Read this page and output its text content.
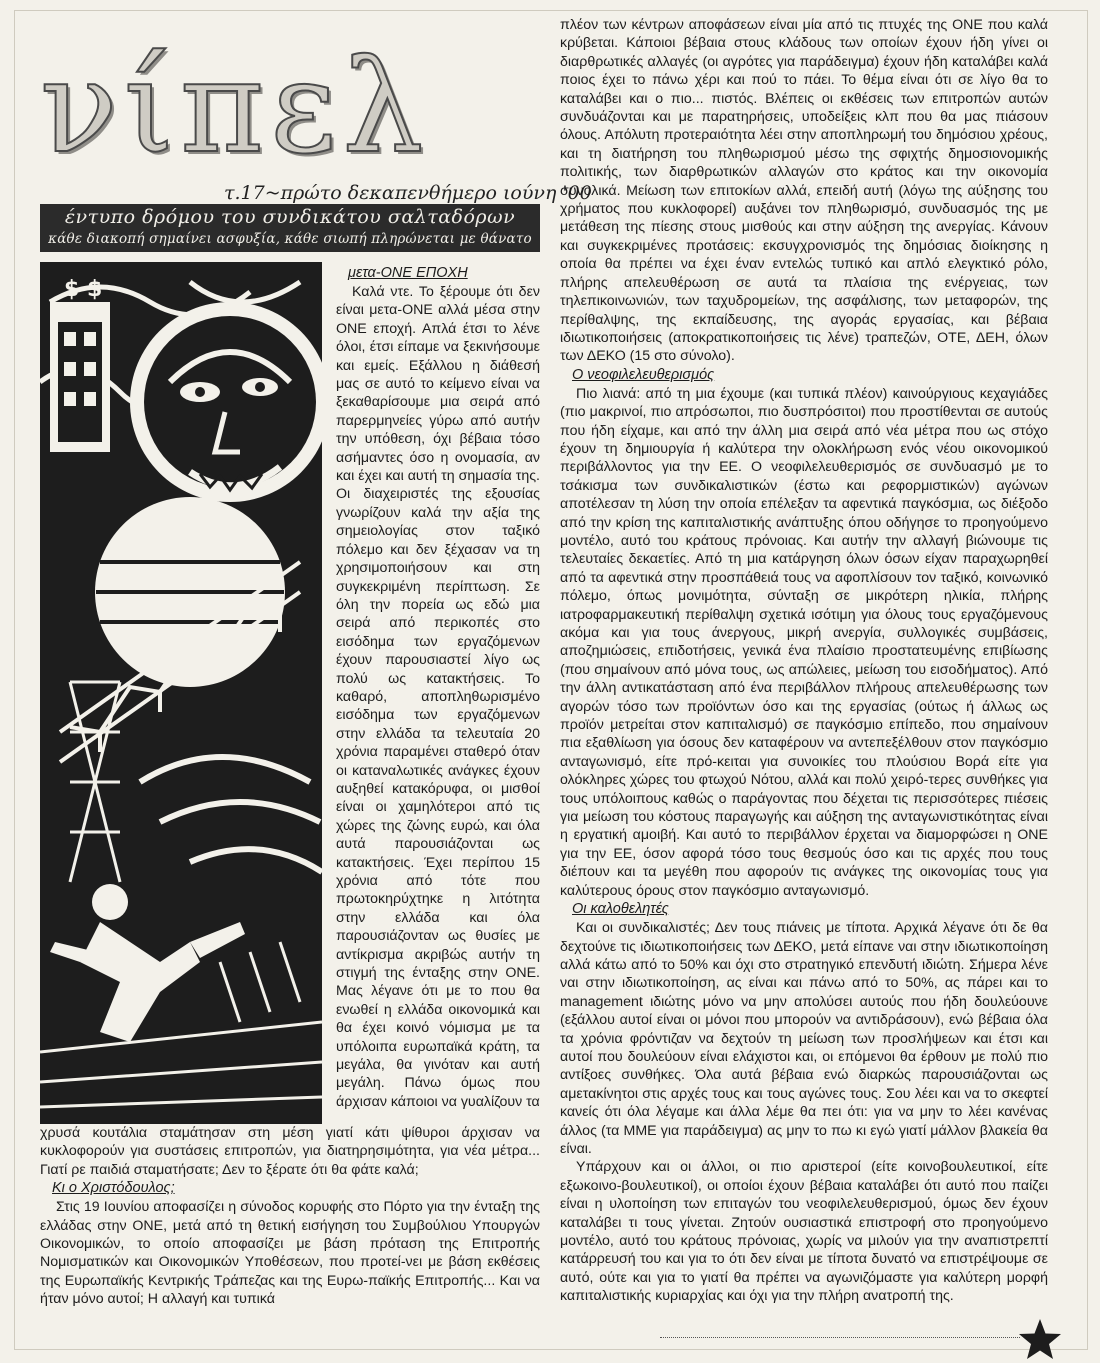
νίπελ
τ.17~πρώτο δεκαπενθήμερο ιούνη '00
έντυπο δρόμου του συνδικάτου σαλταδόρων
κάθε διακοπή σημαίνει ασφυξία, κάθε σιωπή πληρώνεται με θάνατο
$ $
μετα-ONE ΕΠΟΧΗ

Καλά ντε. Το ξέρουμε ότι δεν είναι μετα-ΟΝΕ αλλά μέσα στην ΟΝΕ εποχή. Απλά έτσι το λένε όλοι, έτσι είπαμε να ξεκινήσουμε και εμείς. Εξάλλου η διάθεσή μας σε αυτό το κείμενο είναι να ξεκαθαρίσουμε μια σειρά από παρερμηνείες γύρω από αυτήν την υπόθεση, όχι βέβαια τόσο ασήμαντες όσο η ονομασία, αν και έχει και αυτή τη σημασία της. Οι διαχειριστές της εξουσίας γνωρίζουν καλά την αξία της σημειολογίας στον ταξικό πόλεμο και δεν ξέχασαν να τη χρησιμοποιήσουν και στη συγκεκριμένη περίπτωση. Σε όλη την πορεία ως εδώ μια σειρά από περικοπές στο εισόδημα των εργαζόμενων έχουν παρουσιαστεί λίγο ως πολύ ως κατακτήσεις. Το καθαρό, αποπληθωρισμένο εισόδημα των εργαζόμενων στην ελλάδα τα τελευταία 20 χρόνια παραμένει σταθερό όταν οι καταναλωτικές ανάγκες έχουν αυξηθεί κατακόρυφα, οι μισθοί είναι οι χαμηλότεροι από τις χώρες της ζώνης ευρώ, και όλα αυτά παρουσιάζονται ως κατακτήσεις. Έχει περίπου 15 χρόνια από τότε που πρωτοκηρύχτηκε η λιτότητα στην ελλάδα και όλα παρουσιάζονταν ως θυσίες με αντίκρισμα ακριβώς αυτήν τη στιγμή της ένταξης στην ΟΝΕ. Μας λέγανε ότι με το που θα ενωθεί η ελλάδα οικονομικά και θα έχει κοινό νόμισμα με τα υπόλοιπα ευρωπαϊκά κράτη, τα μεγάλα, θα γινόταν και αυτή μεγάλη. Πάνω όμως που άρχισαν κάποιοι να γυαλίζουν τα

χρυσά κουτάλια σταμάτησαν στη μέση γιατί κάτι ψίθυροι άρχισαν να κυκλοφορούν για συστάσεις επιτροπών, για διατηρησιμότητα, για νέα μέτρα... Γιατί ρε παιδιά σταματήσατε; Δεν το ξέρατε ότι θα φάτε καλά;

Κι ο Χριστόδουλος;

Στις 19 Ιουνίου αποφασίζει η σύνοδος κορυφής στο Πόρτο για την ένταξη της ελλάδας στην ΟΝΕ, μετά από τη θετική εισήγηση του Συμβούλιου Υπουργών Οικονομικών, το οποίο αποφασίζει με βάση πρόταση της Επιτροπής Νομισματικών και Οικονομικών Υποθέσεων, που προτεί-νει με βάση εκθέσεις της Ευρωπαϊκής Κεντρικής Τράπεζας και της Ευρω-παϊκής Επιτροπής... Και να ήταν μόνο αυτοί; Η αλλαγή και τυπικά

πλέον των κέντρων αποφάσεων είναι μία από τις πτυχές της ΟΝΕ που καλά κρύβεται. Κάποιοι βέβαια στους κλάδους των οποίων έχουν ήδη γίνει οι διαρθρωτικές αλλαγές (οι αγρότες για παράδειγμα) έχουν ήδη καταλάβει καλά ποιος έχει το πάνω χέρι και πού το πάει. Το θέμα είναι ότι σε λίγο θα το καταλάβει και ο πιο... πιστός. Βλέπεις οι εκθέσεις των επιτροπών αυτών συνδυάζονται και με παρατηρήσεις, υποδείξεις κλπ που θα μας πιάσουν όλους. Απόλυτη προτεραιότητα λέει στην αποπληρωμή του δημόσιου χρέους, και τη διατήρηση του πληθωρισμού μέσω της σφιχτής δημοσιονομικής πολιτικής, των διαρθρωτικών αλλαγών στο κράτος και την οικονομία συνολικά. Μείωση των επιτοκίων αλλά, επειδή αυτή (λόγω της αύξησης του χρήματος που κυκλοφορεί) αυξάνει τον πληθωρισμό, συνδυασμός της με μετάθεση της πίεσης στους μισθούς και στην αύξηση της ανεργίας. Κάνουν και συγκεκριμένες προτάσεις: εκσυγχρονισμός της δημόσιας διοίκησης η οποία θα πρέπει να έχει έναν εντελώς τυπικό και απλό ελεγκτικό ρόλο, πλήρης απελευθέρωση σε αυτά τα πλαίσια της ενέργειας, των τηλεπικοινωνιών, των ταχυδρομείων, της ασφάλισης, των μεταφορών, της περίθαλψης, της εκπαίδευσης, της αγοράς εργασίας, και βέβαια ιδιωτικοποιήσεις (αποκρατικοποιήσεις τις λένε) τραπεζών, ΟΤΕ, ΔΕΗ, όλων των ΔΕΚΟ (15 στο σύνολο).

Ο νεοφιλελευθερισμός

Πιο λιανά: από τη μια έχουμε (και τυπικά πλέον) καινούργιους κεχαγιάδες (πιο μακρινοί, πιο απρόσωποι, πιο δυσπρόσιτοι) που προστίθενται σε αυτούς που ήδη είχαμε, και από την άλλη μια σειρά από νέα μέτρα που ως στόχο έχουν τη δημιουργία ή καλύτερα την ολοκλήρωση ενός νέου οικονομικού περιβάλλοντος για την ΕΕ. Ο νεοφιλελευθερισμός σε συνδυασμό με το τσάκισμα των συνδικαλιστικών (έστω και ρεφορμιστικών) αγώνων αποτέλεσαν τη λύση την οποία επέλεξαν τα αφεντικά παγκόσμια, ως διέξοδο από την κρίση της καπιταλιστικής ανάπτυξης όπου οδήγησε το προηγούμενο μοντέλο, αυτό του κράτους πρόνοιας. Και αυτήν την αλλαγή βιώνουμε τις τελευταίες δεκαετίες. Από τη μια κατάργηση όλων όσων είχαν παραχωρηθεί από τα αφεντικά στην προσπάθειά τους να αφοπλίσουν τον ταξικό, κοινωνικό πόλεμο, όπως μονιμότητα, σύνταξη σε μικρότερη ηλικία, πλήρης ιατροφαρμακευτική περίθαλψη σχετικά ισότιμη για όλους τους εργαζόμενους ακόμα και για τους άνεργους, μικρή ανεργία, συλλογικές συμβάσεις, αποζημιώσεις, επιδοτήσεις, γενικά ένα πλαίσιο προστατευμένης επιβίωσης (που σημαίνουν από μόνα τους, ως απώλειες, μείωση του εισοδήματος). Από την άλλη αντικατάσταση από ένα περιβάλλον πλήρους απελευθέρωσης των αγορών τόσο των προϊόντων όσο και της εργασίας (ούτως ή άλλως ως προϊόν μετρείται στον καπιταλισμό) σε παγκόσμιο επίπεδο, που σημαίνουν πια εξαθλίωση για όσους δεν καταφέρουν να αντεπεξέλθουν στον παγκόσμιο ανταγωνισμό, είτε πρό-κειται για συνοικίες του πλούσιου Βορά είτε για ολόκληρες χώρες του φτωχού Νότου, αλλά και πολύ χειρό-τερες συνθήκες για τους υπόλοιπους καθώς ο παράγοντας που δέχεται τις περισσότερες πιέσεις για μείωση του κόστους παραγωγής και αύξηση της ανταγωνιστικότητας είναι η εργατική αμοιβή. Και αυτό το περιβάλλον έρχεται να διαμορφώσει η ΟΝΕ για την ΕΕ, όσον αφορά τόσο τους θεσμούς όσο και τις αρχές που τους διέπουν και τα μεγέθη που αφορούν τις ανάγκες της οικονομίας τους για καλύτερους όρους στον παγκόσμιο ανταγωνισμό.

Οι καλοθελητές

Και οι συνδικαλιστές; Δεν τους πιάνεις με τίποτα. Αρχικά λέγανε ότι δε θα δεχτούνε τις ιδιωτικοποιήσεις των ΔΕΚΟ, μετά είπανε ναι στην ιδιωτικοποίηση αλλά κάτω από το 50% και όχι στο στρατηγικό επενδυτή ιδιώτη. Σήμερα λένε ναι στην ιδιωτικοποίηση, ας είναι και πάνω από το 50%, ας πάρει και το management ιδιώτης μόνο να μην απολύσει αυτούς που ήδη δουλεύουνε (εξάλλου αυτοί είναι οι μόνοι που μπορούν να αντιδράσουν), ενώ βέβαια όλα τα χρόνια φρόντιζαν να δεχτούν τη μείωση των προσλήψεων και έτσι και αυτοί που δουλεύουν είναι ελάχιστοι και, οι επόμενοι θα έρθουν με πολύ πιο αντίξοες συνθήκες. Όλα αυτά βέβαια ενώ διαρκώς παρουσιάζονται ως αμετακίνητοι στις αρχές τους και τους αγώνες τους. Σου λέει και να το σκεφτεί κανείς ότι όλα λέγαμε και άλλα λέμε θα πει ότι: για να μην το λέει κανένας άλλος (τα ΜΜΕ για παράδειγμα) ας μην το πω κι εγώ γιατί μάλλον βλακεία θα είναι.

Υπάρχουν και οι άλλοι, οι πιο αριστεροί (είτε κοινοβουλευτικοί, είτε εξωκοινο-βουλευτικοί), οι οποίοι έχουν βέβαια καταλάβει ότι αυτό που παίζει είναι η υλοποίηση των επιταγών του νεοφιλελευθερισμού, όμως δεν έχουν καταλάβει τι τους γίνεται. Ζητούν ουσιαστικά επιστροφή στο προηγούμενο μοντέλο, αυτό του κράτους πρόνοιας, χωρίς να μιλούν για την αναπιστρεπτί κατάρρευσή του και για το ότι δεν είναι με τίποτα δυνατό να επιστρέψουμε σε αυτό, ούτε και για το γιατί θα πρέπει να αγωνιζόμαστε για καλύτερη μορφή καπιταλιστικής κυριαρχίας και όχι για την πλήρη ανατροπή της.
